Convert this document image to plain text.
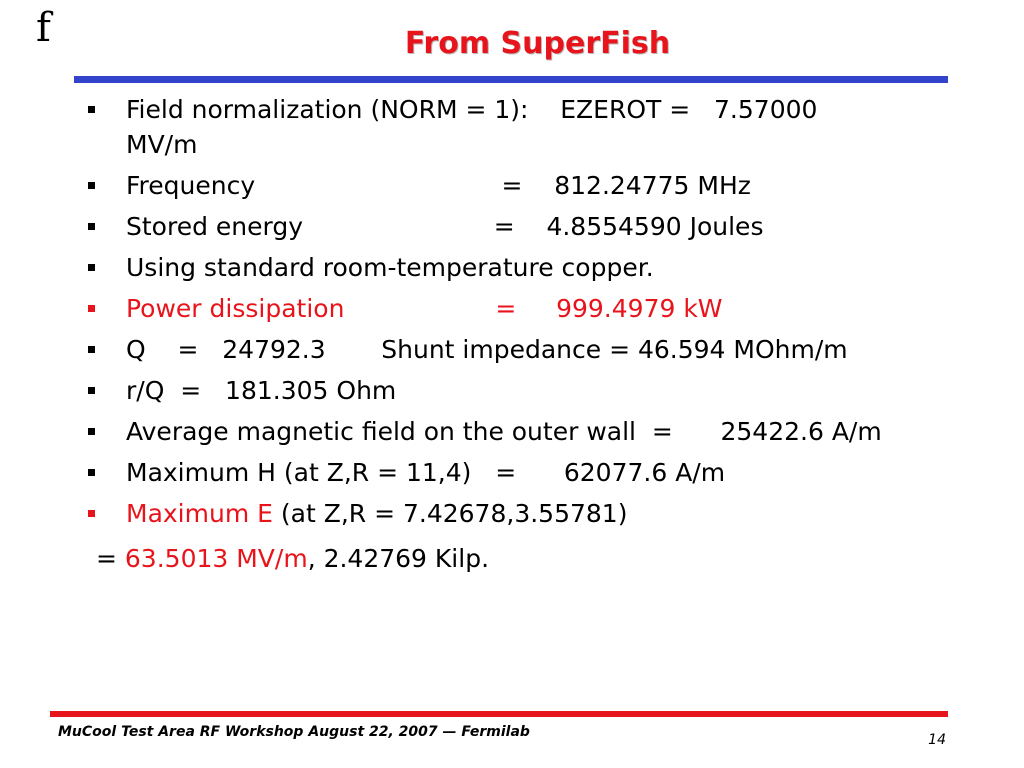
f	From SuperFish
Field normalization (NORM = 1):    EZEROT =   7.57000
MV/m
Frequency                               =    812.24775 MHz
Stored energy                        =    4.8554590 Joules
Using standard room-temperature copper.
Power dissipation                   =     999.4979 kW
Q    =   24792.3       Shunt impedance = 46.594 MOhm/m
r/Q  =   181.305 Ohm
Average magnetic field on the outer wall  =      25422.6 A/m
Maximum H (at Z,R = 11,4)   =      62077.6 A/m
Maximum E (at Z,R = 7.42678,3.55781)
= 63.5013 MV/m, 2.42769 Kilp.
MuCool Test Area RF Workshop August 22, 2007 — Fermilab	14
